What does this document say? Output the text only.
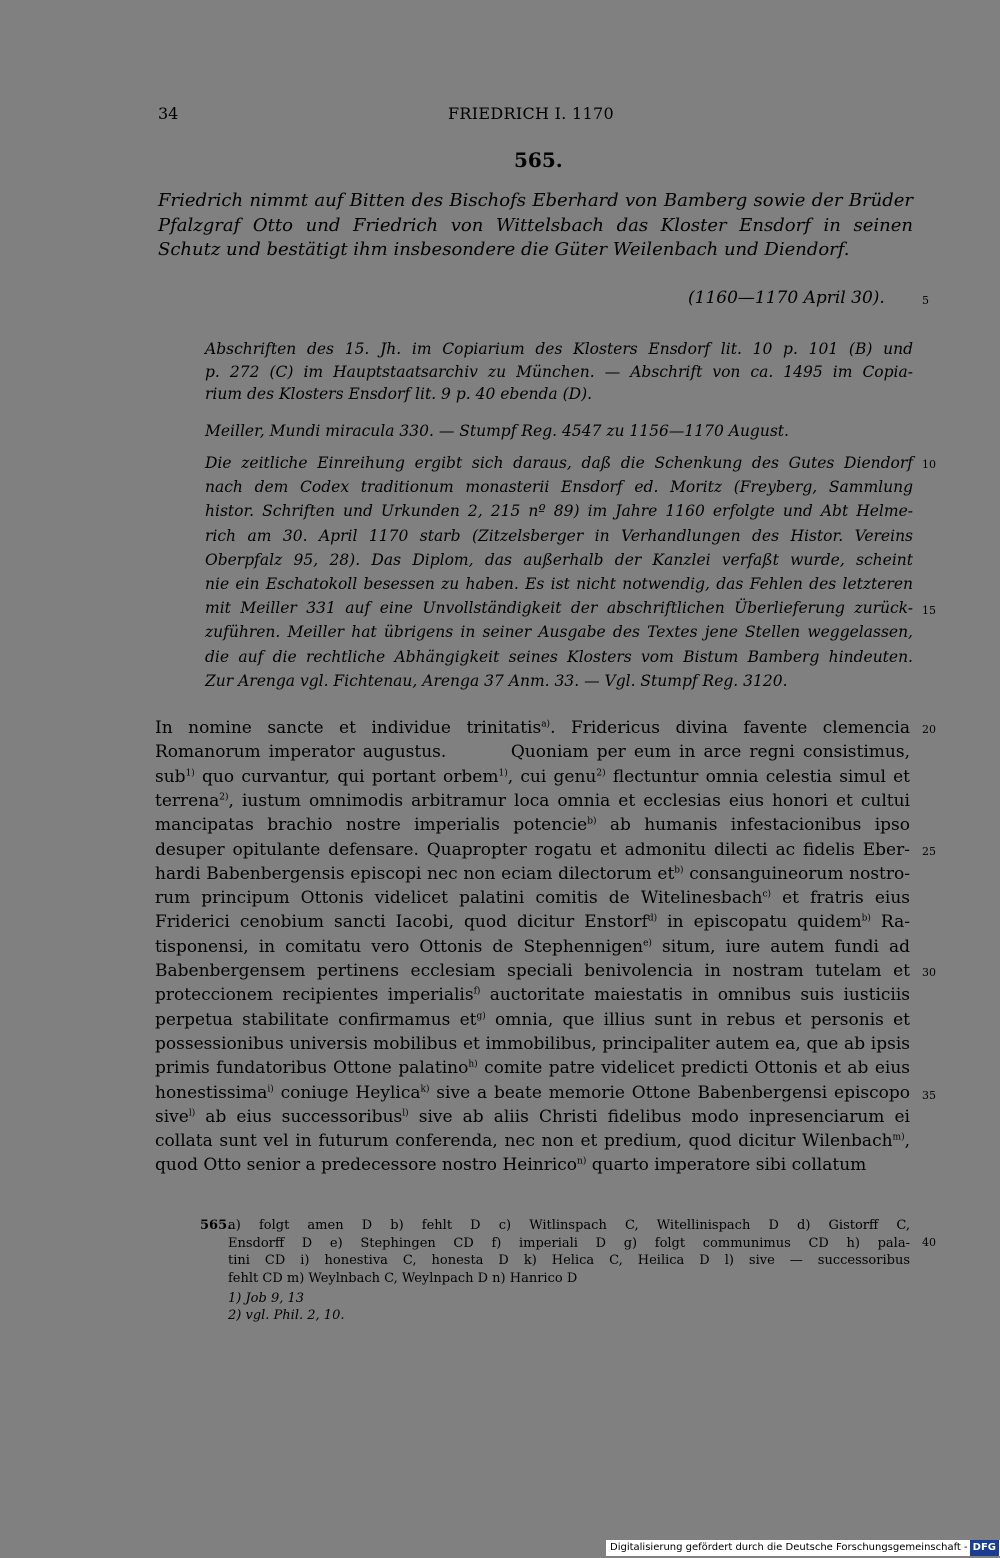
34	FRIEDRICH I. 1170
565.
Friedrich nimmt auf Bitten des Bischofs Eberhard von Bamberg sowie der Brüder
Pfalzgraf Otto und Friedrich von Wittelsbach das Kloster Ensdorf in seinen
Schutz und bestätigt ihm insbesondere die Güter Weilenbach und Diendorf.
(1160—1170 April 30).
Abschriften des 15. Jh. im Copiarium des Klosters Ensdorf lit. 10 p. 101 (B) und
p. 272 (C) im Hauptstaatsarchiv zu München. — Abschrift von ca. 1495 im Copia-
rium des Klosters Ensdorf lit. 9 p. 40 ebenda (D).
Meiller, Mundi miracula 330. — Stumpf Reg. 4547 zu 1156—1170 August.
Die zeitliche Einreihung ergibt sich daraus, daß die Schenkung des Gutes Diendorf
nach dem Codex traditionum monasterii Ensdorf ed. Moritz (Freyberg, Sammlung
histor. Schriften und Urkunden 2, 215 nº 89) im Jahre 1160 erfolgte und Abt Helme-
rich am 30. April 1170 starb (Zitzelsberger in Verhandlungen des Histor. Vereins
Oberpfalz 95, 28). Das Diplom, das außerhalb der Kanzlei verfaßt wurde, scheint
nie ein Eschatokoll besessen zu haben. Es ist nicht notwendig, das Fehlen des letzteren
mit Meiller 331 auf eine Unvollständigkeit der abschriftlichen Überlieferung zurück-
zuführen. Meiller hat übrigens in seiner Ausgabe des Textes jene Stellen weggelassen,
die auf die rechtliche Abhängigkeit seines Klosters vom Bistum Bamberg hindeuten.
Zur Arenga vgl. Fichtenau, Arenga 37 Anm. 33. — Vgl. Stumpf Reg. 3120.
In nomine sancte et individue trinitatis$^{a)}$. Fridericus divina favente clemencia
Romanorum imperator augustus.        Quoniam per eum in arce regni consistimus,
sub$^{1)}$ quo curvantur, qui portant orbem$^{1)}$, cui genu$^{2)}$ flectuntur omnia celestia simul et
terrena$^{2)}$, iustum omnimodis arbitramur loca omnia et ecclesias eius honori et cultui
mancipatas brachio nostre imperialis potencie$^{b)}$ ab humanis infestacionibus ipso
desuper opitulante defensare. Quapropter rogatu et admonitu dilecti ac fidelis Eber-
hardi Babenbergensis episcopi nec non eciam dilectorum $et^{b)}$ consanguineorum nostro-
rum principum Ottonis videlicet palatini comitis de Witelinesbach$^{c)}$ et fratris eius
Friderici cenobium sancti Iacobi, quod dicitur Enstorf$^{d)}$ in episcopatu quidem$^{b)}$ Ra-
tisponensi, in comitatu vero Ottonis de Stephennigen$^{e)}$ situm, iure autem fundi ad
Babenbergensem pertinens ecclesiam speciali benivolencia in nostram tutelam et
proteccionem recipientes imperialis$^{f)}$ auctoritate maiestatis in omnibus suis iusticiis
perpetua stabilitate confirmamus $et^{g)}$ omnia, que illius sunt in rebus et personis et
possessionibus universis mobilibus et immobilibus, principaliter autem ea, que ab ipsis
primis fundatoribus Ottone palatino$^{h)}$ comite patre videlicet predicti Ottonis et ab eius
honestissima$^{i)}$ coniuge Heylica$^{k)}$ sive a beate memorie Ottone Babenbergensi episcopo
sive$^{l)}$ ab eius successoribus$^{l)}$ sive ab aliis Christi fidelibus modo inpresenciarum ei
collata sunt vel in futurum conferenda, nec non et predium, quod dicitur Wilenbach$^{m)}$,
quod Otto senior a predecessore nostro Heinrico$^{n)}$ quarto imperatore sibi collatum
5
10
15
20
25
30
35
40
565.
a) folgt amen D b) fehlt D c) Witlinspach C, Witellinispach D d) Gistorff C,
Ensdorff D e) Stephingen CD f) imperiali D g) folgt communimus CD h) pala-
tini CD i) honestiva C, honesta D k) Helica C, Heilica D l) sive — successoribus
fehlt CD m) Weylnbach C, Weylnpach D n) Hanrico D
1) Job 9, 13
2) vgl. Phil. 2, 10.
Digitalisierung gefördert durch die Deutsche Forschungsgemeinschaft - DFG
